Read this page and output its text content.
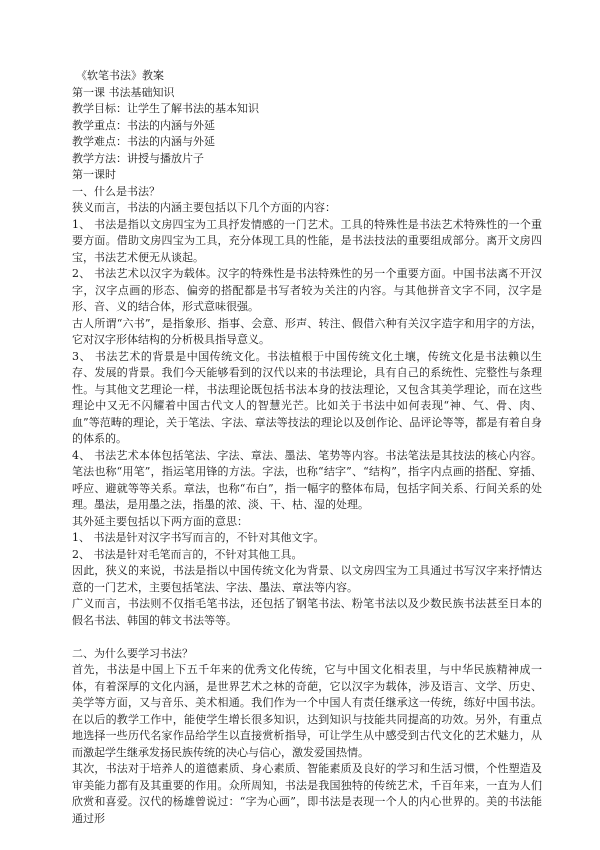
《软笔书法》教案

第一课 书法基础知识

教学目标：让学生了解书法的基本知识

教学重点：书法的内涵与外延

教学难点：书法的内涵与外延

教学方法：讲授与播放片子

第一课时

一、什么是书法？

狭义而言，书法的内涵主要包括以下几个方面的内容：

1、 书法是指以文房四宝为工具抒发情感的一门艺术。工具的特殊性是书法艺术特殊性的一个重要方面。借助文房四宝为工具，充分体现工具的性能，是书法技法的重要组成部分。离开文房四宝，书法艺术便无从谈起。

2、 书法艺术以汉字为载体。汉字的特殊性是书法特殊性的另一个重要方面。中国书法离不开汉字，汉字点画的形态、偏旁的搭配都是书写者较为关注的内容。与其他拼音文字不同，汉字是形、音、义的结合体，形式意味很强。

古人所谓“六书”，是指象形、指事、会意、形声、转注、假借六种有关汉字造字和用字的方法，它对汉字形体结构的分析极具指导意义。

3、 书法艺术的背景是中国传统文化。书法植根于中国传统文化土壤，传统文化是书法赖以生存、发展的背景。我们今天能够看到的汉代以来的书法理论，具有自己的系统性、完整性与条理性。与其他文艺理论一样，书法理论既包括书法本身的技法理论，又包含其美学理论，而在这些理论中又无不闪耀着中国古代文人的智慧光芒。比如关于书法中如何表现“神、气、骨、肉、血”等范畴的理论，关于笔法、字法、章法等技法的理论以及创作论、品评论等等，都是有着自身的体系的。

4、 书法艺术本体包括笔法、字法、章法、墨法、笔势等内容。书法笔法是其技法的核心内容。笔法也称“用笔”，指运笔用锋的方法。字法，也称“结字”、“结构”，指字内点画的搭配、穿插、呼应、避就等等关系。章法，也称“布白”，指一幅字的整体布局，包括字间关系、行间关系的处理。墨法，是用墨之法，指墨的浓、淡、干、枯、湿的处理。

其外延主要包括以下两方面的意思：

1、 书法是针对汉字书写而言的，不针对其他文字。

2、 书法是针对毛笔而言的，不针对其他工具。

因此，狭义的来说，书法是指以中国传统文化为背景、以文房四宝为工具通过书写汉字来抒情达意的一门艺术，主要包括笔法、字法、墨法、章法等内容。

广义而言，书法则不仅指毛笔书法，还包括了钢笔书法、粉笔书法以及少数民族书法甚至日本的假名书法、韩国的韩文书法等等。

二、为什么要学习书法？

首先，书法是中国上下五千年来的优秀文化传统，它与中国文化相表里，与中华民族精神成一体，有着深厚的文化内涵，是世界艺术之林的奇葩，它以汉字为载体，涉及语言、文学、历史、美学等方面，又与音乐、美术相通。我们作为一个中国人有责任继承这一传统，练好中国书法。在以后的教学工作中，能使学生增长很多知识，达到知识与技能共同提高的功效。另外，有重点地选择一些历代名家作品给学生以直接赏析指导，可让学生从中感受到古代文化的艺术魅力，从而激起学生继承发扬民族传统的决心与信心，激发爱国热情。

其次，书法对于培养人的道德素质、身心素质、智能素质及良好的学习和生活习惯，个性塑造及审美能力都有及其重要的作用。众所周知，书法是我国独特的传统艺术，千百年来，一直为人们欣赏和喜爱。汉代的杨雄曾说过：“字为心画”，即书法是表现一个人的内心世界的。美的书法能通过形
